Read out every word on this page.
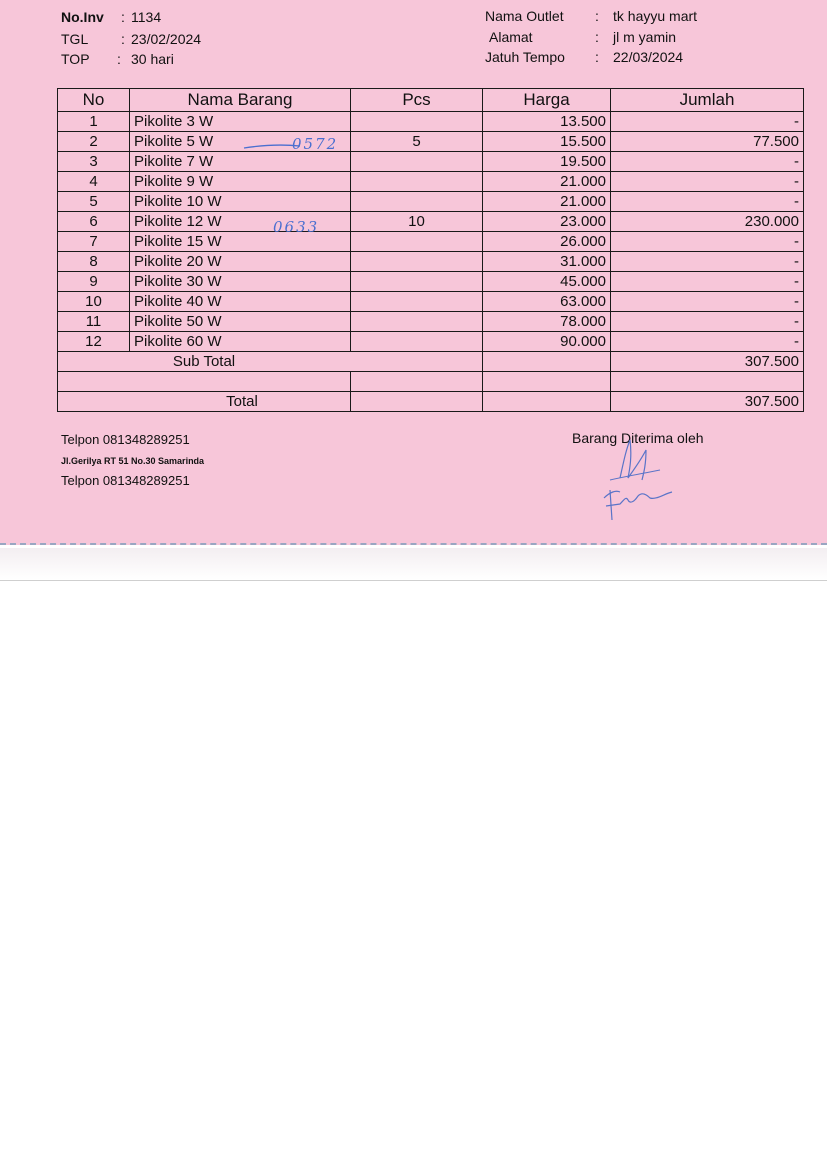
No.Inv : 1134
TGL : 23/02/2024
TOP : 30 hari
Nama Outlet : tk hayyu mart
Alamat	: jl m yamin
Jatuh Tempo : 22/03/2024
No	Nama Barang	Pcs	Harga	Jumlah
1	Pikolite 3 W		13.500	-
2	Pikolite 5 W	5	15.500	77.500
3	Pikolite 7 W		19.500	-
4	Pikolite 9 W		21.000	-
5	Pikolite 10 W		21.000	-
6	Pikolite 12 W	10	23.000	230.000
7	Pikolite 15 W		26.000	-
8	Pikolite 20 W		31.000	-
9	Pikolite 30 W		45.000	-
10	Pikolite 40 W		63.000	-
11	Pikolite 50 W		78.000	-
12	Pikolite 60 W		90.000	-
Sub Total				307.500

Total				307.500
0572
0633
Telpon 081348289251
Jl.Gerilya RT 51 No.30 Samarinda
Telpon 081348289251
Barang Diterima oleh
